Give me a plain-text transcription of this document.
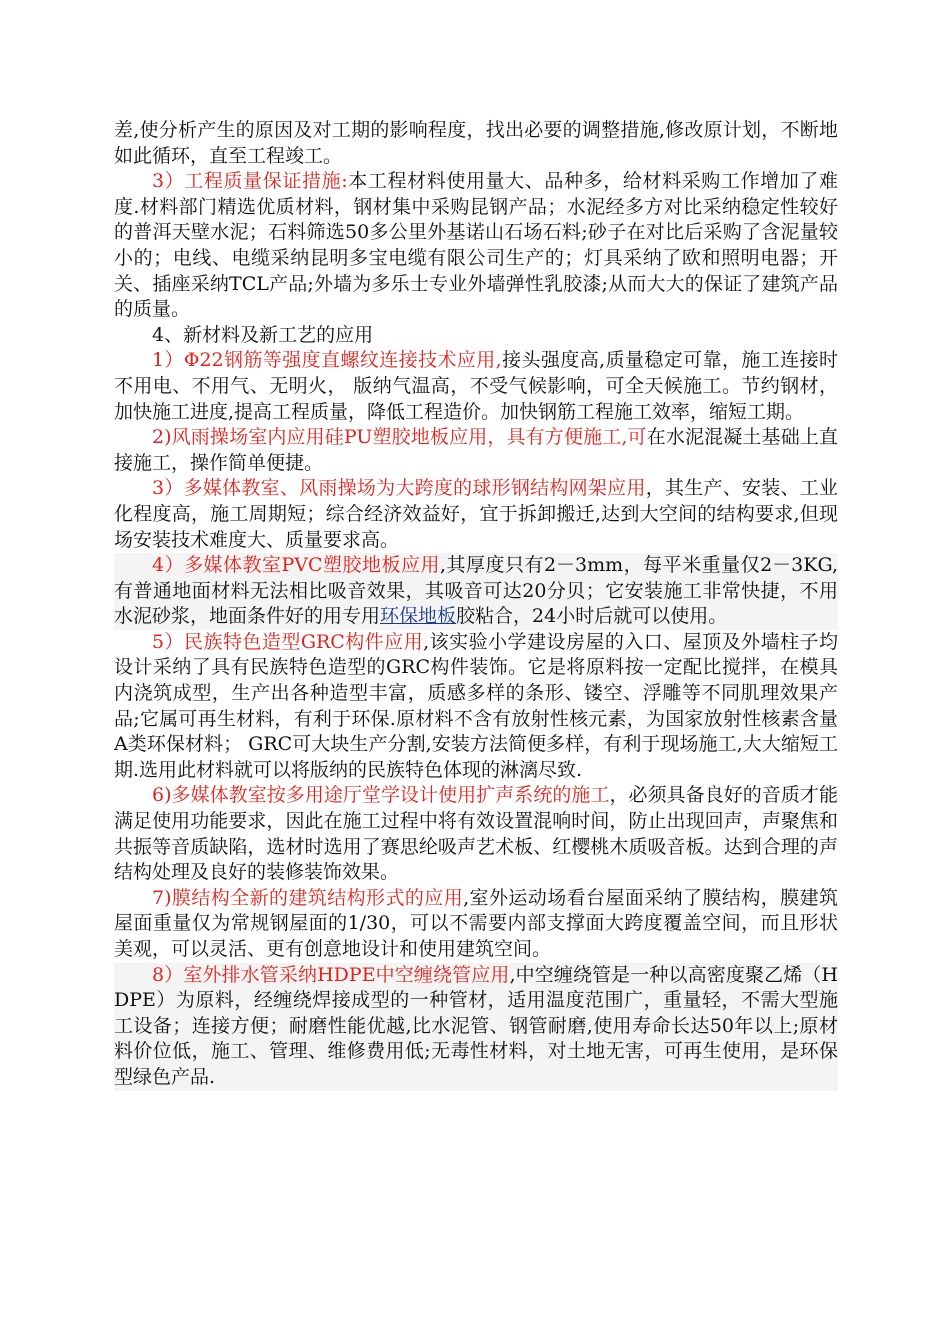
差,使分析产生的原因及对工期的影响程度，找出必要的调整措施,修改原计划，不断地如此循环，直至工程竣工。

3）工程质量保证措施:本工程材料使用量大、品种多，给材料采购工作增加了难度.材料部门精选优质材料，钢材集中采购昆钢产品；水泥经多方对比采纳稳定性较好的普洱天壁水泥；石料筛选50多公里外基诺山石场石料;砂子在对比后采购了含泥量较小的；电线、电缆采纳昆明多宝电缆有限公司生产的；灯具采纳了欧和照明电器；开关、插座采纳TCL产品;外墙为多乐士专业外墙弹性乳胶漆;从而大大的保证了建筑产品的质量。

4、新材料及新工艺的应用

1）Φ22钢筋等强度直螺纹连接技术应用,接头强度高,质量稳定可靠，施工连接时不用电、不用气、无明火， 版纳气温高，不受气候影响，可全天候施工。节约钢材，加快施工进度,提高工程质量，降低工程造价。加快钢筋工程施工效率，缩短工期。

2)风雨操场室内应用硅PU塑胶地板应用，具有方便施工,可在水泥混凝土基础上直接施工，操作简单便捷。

3）多媒体教室、风雨操场为大跨度的球形钢结构网架应用，其生产、安装、工业化程度高，施工周期短；综合经济效益好，宜于拆卸搬迁,达到大空间的结构要求,但现场安装技术难度大、质量要求高。

4）多媒体教室PVC塑胶地板应用,其厚度只有2－3mm，每平米重量仅2－3KG,有普通地面材料无法相比吸音效果，其吸音可达20分贝；它安装施工非常快捷，不用水泥砂浆，地面条件好的用专用环保地板胶粘合，24小时后就可以使用。

5）民族特色造型GRC构件应用,该实验小学建设房屋的入口、屋顶及外墙柱子均设计采纳了具有民族特色造型的GRC构件装饰。它是将原料按一定配比搅拌，在模具内浇筑成型，生产出各种造型丰富，质感多样的条形、镂空、浮雕等不同肌理效果产品;它属可再生材料，有利于环保.原材料不含有放射性核元素，为国家放射性核素含量A类环保材料； GRC可大块生产分割,安装方法简便多样，有利于现场施工,大大缩短工期.选用此材料就可以将版纳的民族特色体现的淋漓尽致.

6)多媒体教室按多用途厅堂学设计使用扩声系统的施工，必须具备良好的音质才能满足使用功能要求，因此在施工过程中将有效设置混响时间，防止出现回声，声聚焦和共振等音质缺陷，选材时选用了赛思纶吸声艺术板、红樱桃木质吸音板。达到合理的声结构处理及良好的装修装饰效果。

7)膜结构全新的建筑结构形式的应用,室外运动场看台屋面采纳了膜结构，膜建筑屋面重量仅为常规钢屋面的1/30，可以不需要内部支撑面大跨度覆盖空间，而且形状美观，可以灵活、更有创意地设计和使用建筑空间。

8）室外排水管采纳HDPE中空缠绕管应用,中空缠绕管是一种以高密度聚乙烯（HDPE）为原料，经缠绕焊接成型的一种管材，适用温度范围广，重量轻，不需大型施工设备；连接方便；耐磨性能优越,比水泥管、钢管耐磨,使用寿命长达50年以上;原材料价位低，施工、管理、维修费用低;无毒性材料，对土地无害，可再生使用，是环保型绿色产品.
